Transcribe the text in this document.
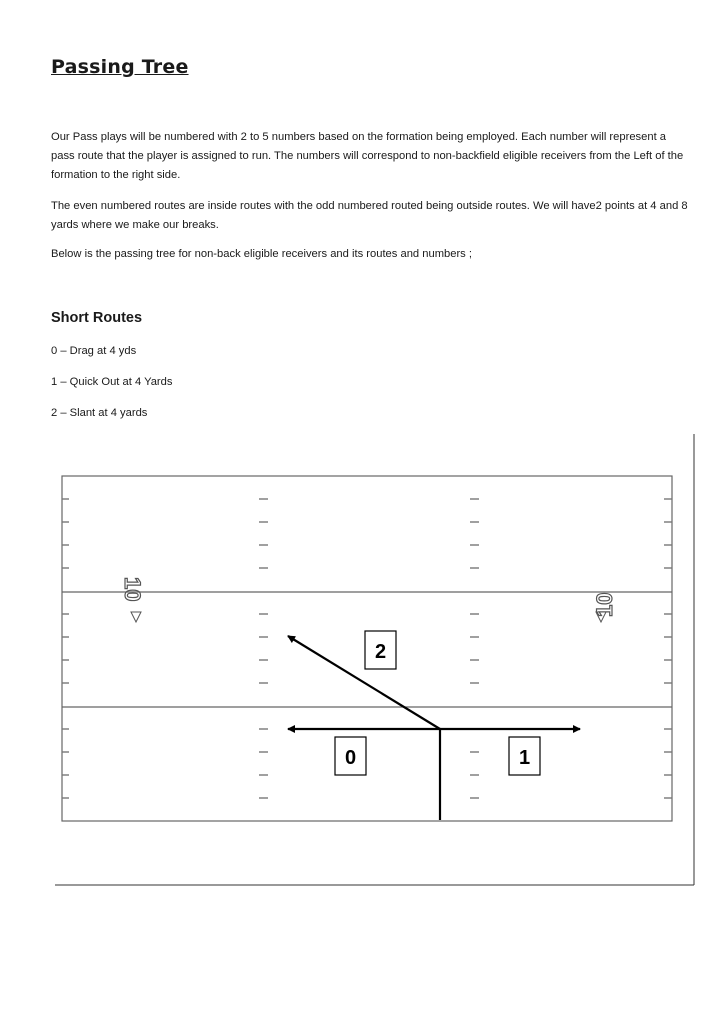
Passing Tree

Our Pass plays will be numbered with 2 to 5 numbers based on the formation being employed. Each number will represent a pass route that the player is assigned to run. The numbers will correspond to non-backfield eligible receivers from the Left of the formation to the right side.

The even numbered routes are inside routes with the odd numbered routed being outside routes. We will have2 points at 4 and 8 yards where we make our breaks.

Below is the passing tree for non-back eligible receivers and its routes and numbers ;

Short Routes

0 – Drag at 4 yds

1 – Quick Out at 4 Yards

2 – Slant at 4 yards

10
10
2
0	1
